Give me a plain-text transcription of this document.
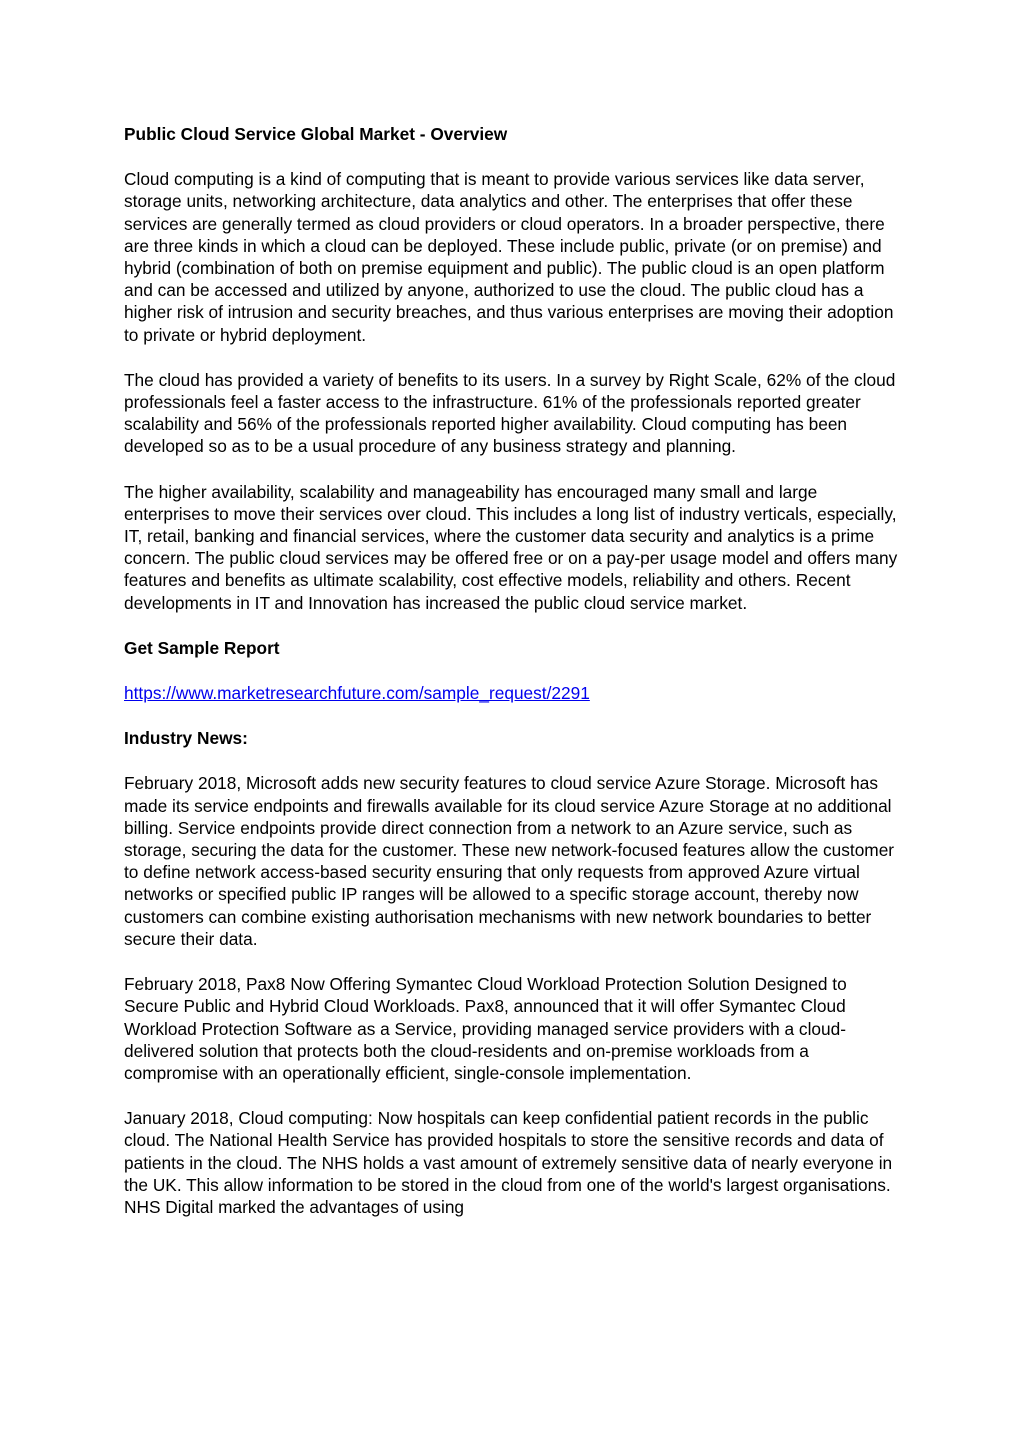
Public Cloud Service Global Market - Overview

Cloud computing is a kind of computing that is meant to provide various services like data server, storage units, networking architecture, data analytics and other. The enterprises that offer these services are generally termed as cloud providers or cloud operators. In a broader perspective, there are three kinds in which a cloud can be deployed. These include public, private (or on premise) and hybrid (combination of both on premise equipment and public). The public cloud is an open platform and can be accessed and utilized by anyone, authorized to use the cloud. The public cloud has a higher risk of intrusion and security breaches, and thus various enterprises are moving their adoption to private or hybrid deployment.

The cloud has provided a variety of benefits to its users. In a survey by Right Scale, 62% of the cloud professionals feel a faster access to the infrastructure. 61% of the professionals reported greater scalability and 56% of the professionals reported higher availability. Cloud computing has been developed so as to be a usual procedure of any business strategy and planning.

The higher availability, scalability and manageability has encouraged many small and large enterprises to move their services over cloud. This includes a long list of industry verticals, especially, IT, retail, banking and financial services, where the customer data security and analytics is a prime concern. The public cloud services may be offered free or on a pay-per usage model and offers many features and benefits as ultimate scalability, cost effective models, reliability and others. Recent developments in IT and Innovation has increased the public cloud service market.

Get Sample Report

https://www.marketresearchfuture.com/sample_request/2291

Industry News:

February 2018, Microsoft adds new security features to cloud service Azure Storage. Microsoft has made its service endpoints and firewalls available for its cloud service Azure Storage at no additional billing. Service endpoints provide direct connection from a network to an Azure service, such as storage, securing the data for the customer. These new network-focused features allow the customer to define network access-based security ensuring that only requests from approved Azure virtual networks or specified public IP ranges will be allowed to a specific storage account, thereby now customers can combine existing authorisation mechanisms with new network boundaries to better secure their data.

February 2018, Pax8 Now Offering Symantec Cloud Workload Protection Solution Designed to Secure Public and Hybrid Cloud Workloads. Pax8, announced that it will offer Symantec Cloud Workload Protection Software as a Service, providing managed service providers with a cloud-delivered solution that protects both the cloud-residents and on-premise workloads from a compromise with an operationally efficient, single-console implementation.

January 2018, Cloud computing: Now hospitals can keep confidential patient records in the public cloud. The National Health Service has provided hospitals to store the sensitive records and data of patients in the cloud. The NHS holds a vast amount of extremely sensitive data of nearly everyone in the UK. This allow information to be stored in the cloud from one of the world's largest organisations. NHS Digital marked the advantages of using
